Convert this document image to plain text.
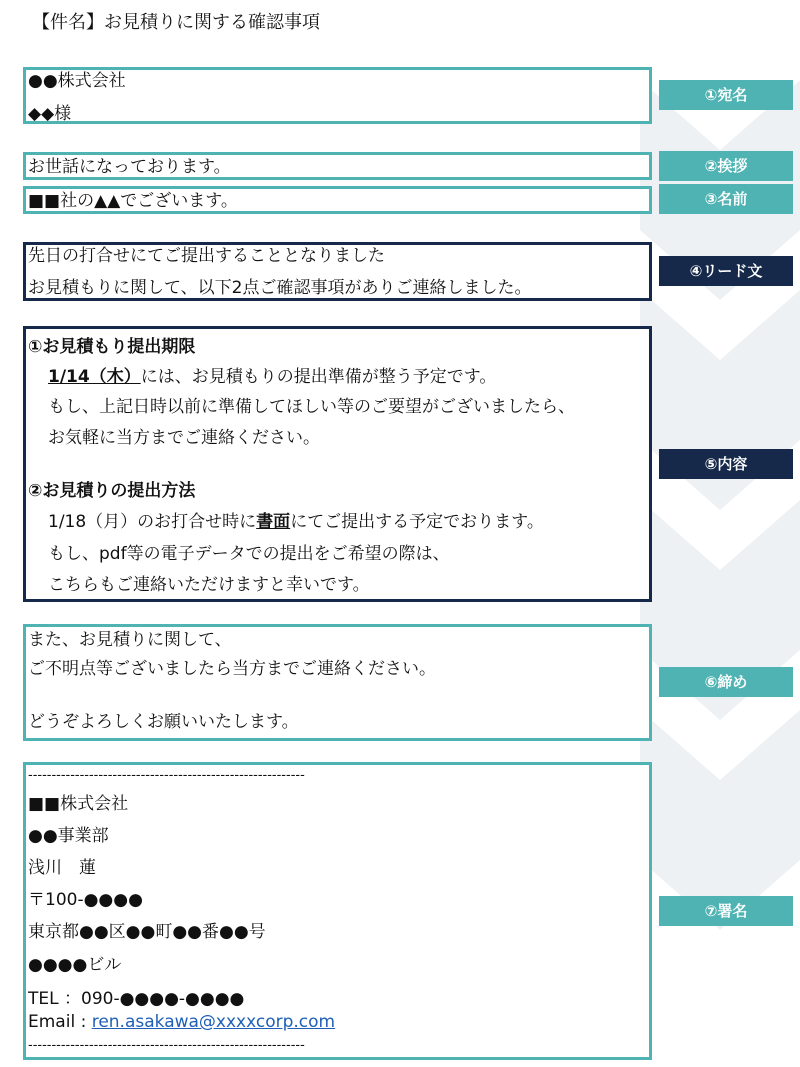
【件名】お見積りに関する確認事項
●●株式会社
◆◆様
①宛名
お世話になっております。	②挨拶
■■社の▲▲でございます。	③名前
先日の打合せにてご提出することとなりました
お見積もりに関して、以下2点ご確認事項がありご連絡しました。
④リード文
①お見積もり提出期限
1/14（木）には、お見積もりの提出準備が整う予定です。
もし、上記日時以前に準備してほしい等のご要望がございましたら、
お気軽に当方までご連絡ください。
②お見積りの提出方法
1/18（月）のお打合せ時に書面にてご提出する予定でおります。
もし、pdf等の電子データでの提出をご希望の際は、
こちらもご連絡いただけますと幸いです。
⑤内容
また、お見積りに関して、
ご不明点等ございましたら当方までご連絡ください。
どうぞよろしくお願いいたします。
⑥締め
-----------------------------------------------------------
■■株式会社
●●事業部
浅川　蓮
〒100-●●●●
東京都●●区●●町●●番●●号
●●●●ビル
TEL ：090-●●●●-●●●●
Email : ren.asakawa@xxxxcorp.com
-----------------------------------------------------------
⑦署名
